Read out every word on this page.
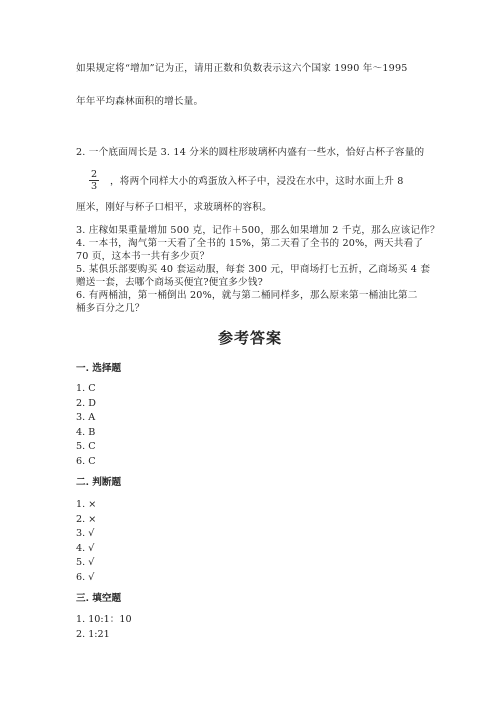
如果规定将“增加”记为正，请用正数和负数表示这六个国家 1990 年～1995
年年平均森林面积的增长量。
2. 一个底面周长是 3. 14 分米的圆柱形玻璃杯内盛有一些水，恰好占杯子容量的
2
3	，将两个同样大小的鸡蛋放入杯子中，浸没在水中，这时水面上升 8
厘米，刚好与杯子口相平，求玻璃杯的容积。
3. 庄稼如果重量增加 500 克，记作＋500，那么如果增加 2 千克，那么应该记作？
4. 一本书，淘气第一天看了全书的 15%，第二天看了全书的 20%，两天共看了
70 页，这本书一共有多少页？
5. 某俱乐部要购买 40 套运动服，每套 300 元，甲商场打七五折，乙商场买 4 套
赠送一套，去哪个商场买便宜?便宜多少钱?
6. 有两桶油，第一桶倒出 20%，就与第二桶同样多，那么原来第一桶油比第二
桶多百分之几？
参考答案
一. 选择题
1. C
2. D
3. A
4. B
5. C
6. C
二. 判断题
1. ×
2. ×
3. √
4. √
5. √
6. √
三. 填空题
1. 10:1：10
2. 1:21
